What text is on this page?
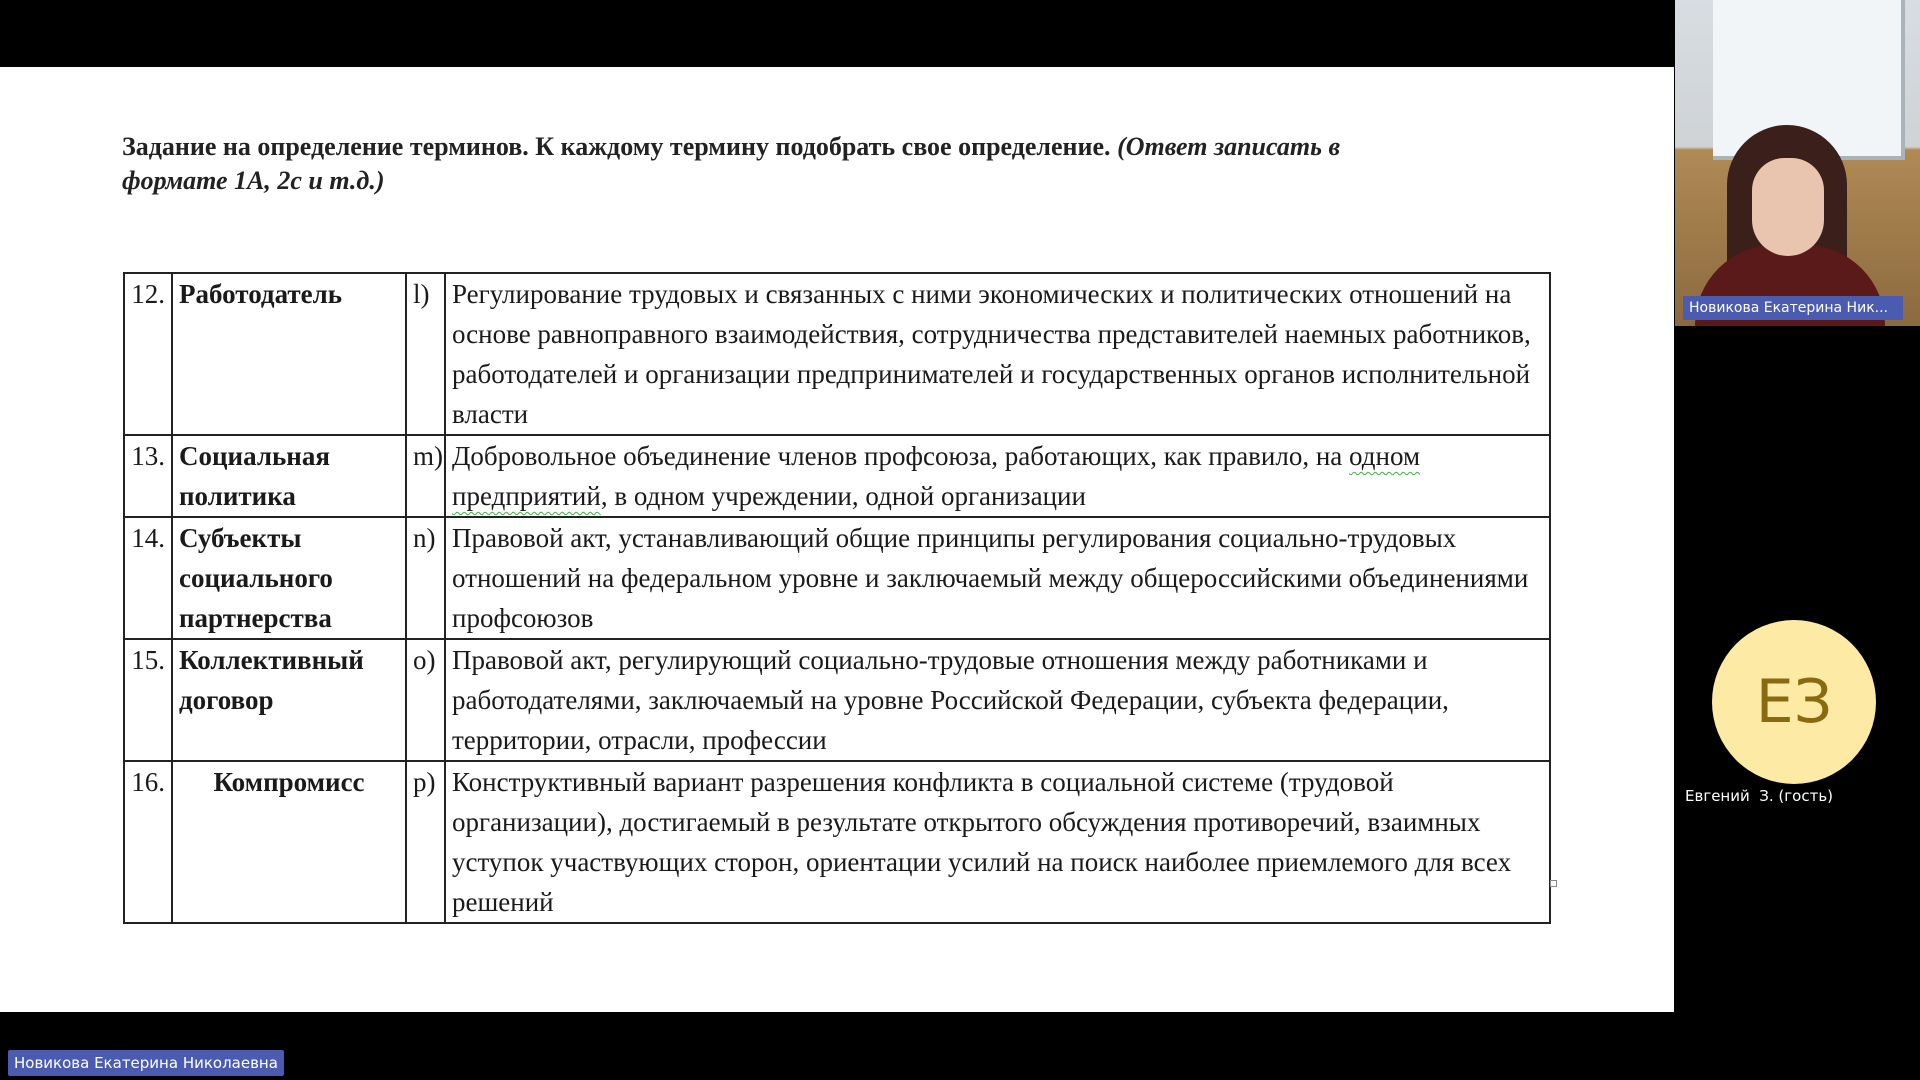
Задание на определение терминов. К каждому термину подобрать свое определение. (Ответ записать в формате 1А, 2с и т.д.)
12.	Работодатель	l)	Регулирование трудовых и связанных с ними экономических и политических отношений на основе равноправного взаимодействия, сотрудничества представителей наемных работников, работодателей и организации предпринимателей и государственных органов исполнительной власти
13.	Социальная политика	m)	Добровольное объединение членов профсоюза, работающих, как правило, на одном предприятий, в одном учреждении, одной организации
14.	Субъекты социального партнерства	n)	Правовой акт, устанавливающий общие принципы регулирования социально-трудовых отношений на федеральном уровне и заключаемый между общероссийскими объединениями профсоюзов
15.	Коллективный договор	o)	Правовой акт, регулирующий социально-трудовые отношения между работниками и работодателями, заключаемый на уровне Российской Федерации, субъекта федерации, территории, отрасли, профессии
16.	Компромисс	p)	Конструктивный вариант разрешения конфликта в социальной системе (трудовой организации), достигаемый в результате открытого обсуждения противоречий, взаимных уступок участвующих сторон, ориентации усилий на поиск наиболее приемлемого для всех решений
Новикова Екатерина Ник...
ЕЗ
Евгений  З. (гость)
Новикова Екатерина Николаевна
